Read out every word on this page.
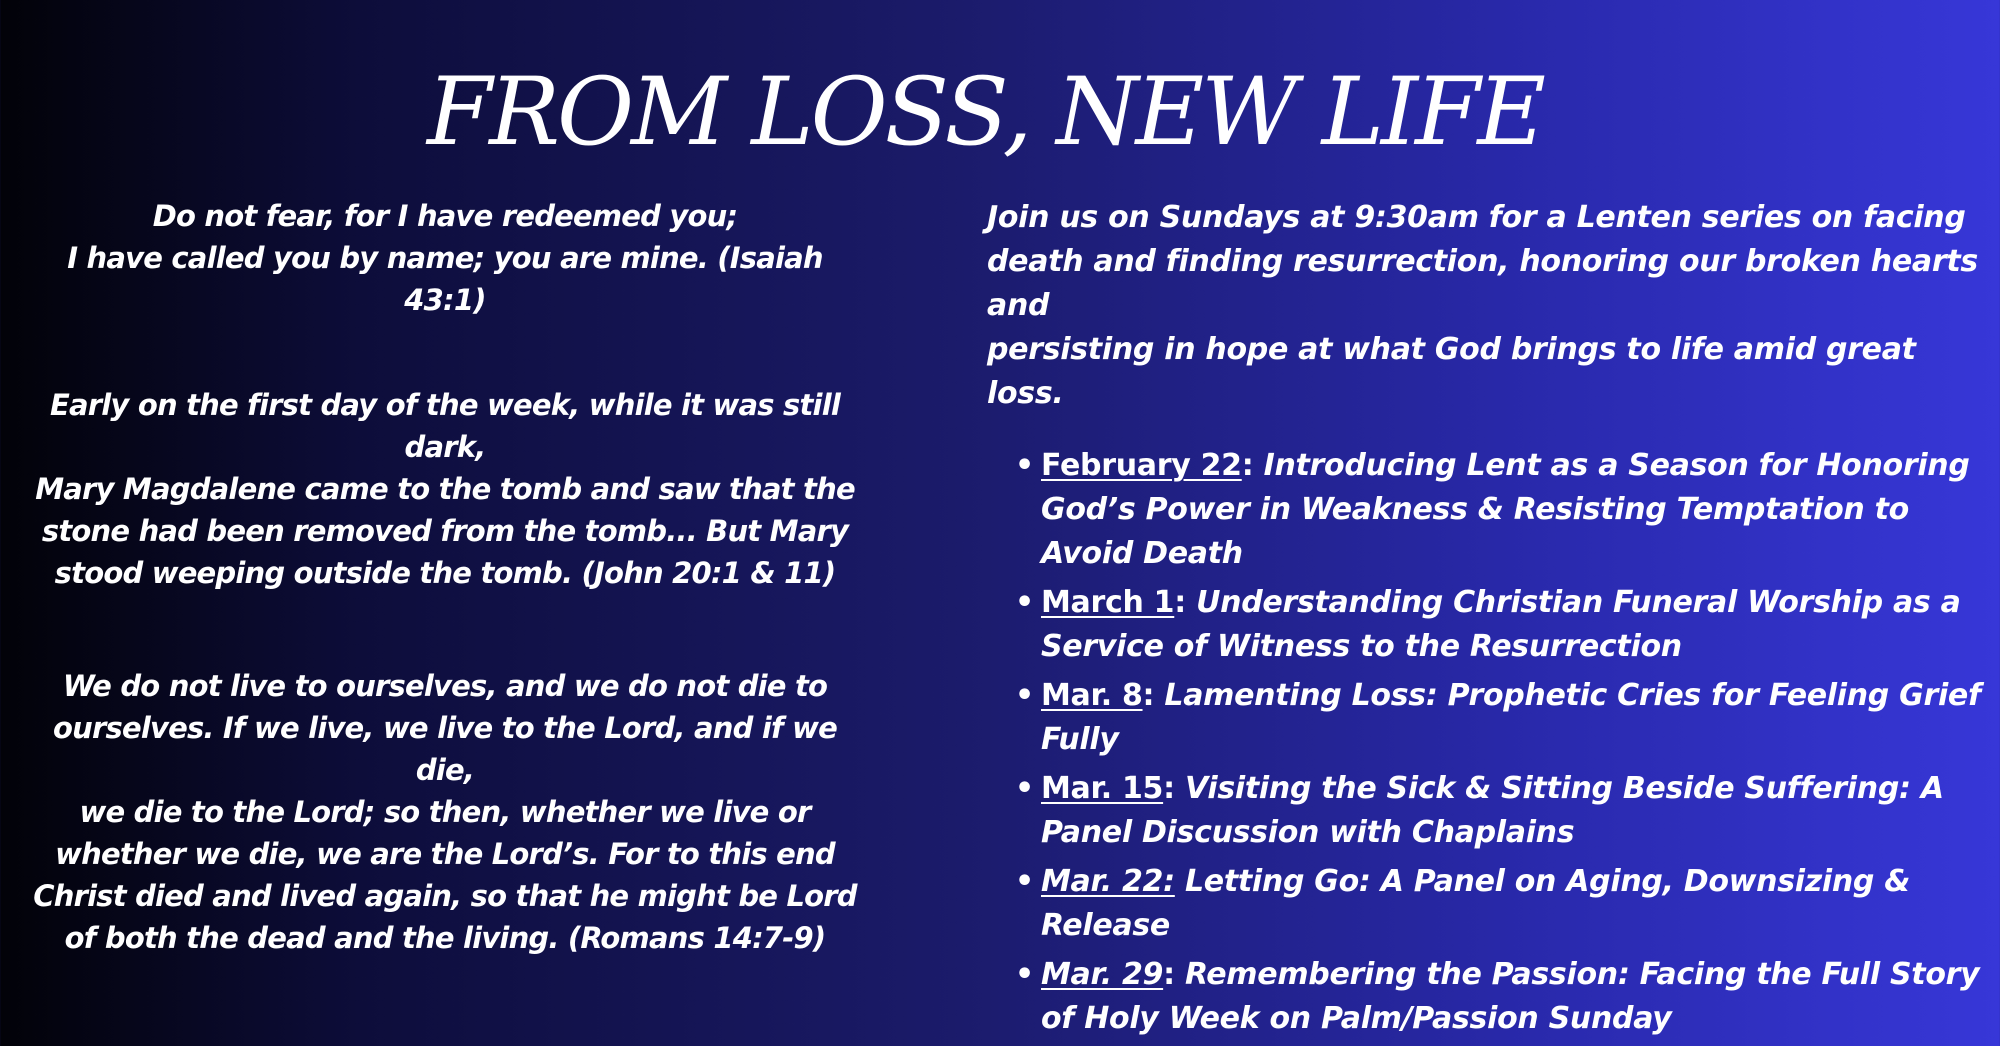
FROM LOSS, NEW LIFE

Do not fear, for I have redeemed you;

I have called you by name; you are mine. (Isaiah 43:1)

Early on the first day of the week, while it was still dark,

Mary Magdalene came to the tomb and saw that the

stone had been removed from the tomb... But Mary

stood weeping outside the tomb. (John 20:1 & 11)

We do not live to ourselves, and we do not die to

ourselves. If we live, we live to the Lord, and if we die,

we die to the Lord; so then, whether we live or

whether we die, we are the Lord’s. For to this end

Christ died and lived again, so that he might be Lord

of both the dead and the living. (Romans 14:7-9)

Join us on Sundays at 9:30am for a Lenten series on facing
death and finding resurrection, honoring our broken hearts and
persisting in hope at what God brings to life amid great loss.
• February 22: Introducing Lent as a Season for Honoring God’s Power in Weakness & Resisting Temptation to Avoid Death
• March 1: Understanding Christian Funeral Worship as a Service of Witness to the Resurrection
• Mar. 8: Lamenting Loss: Prophetic Cries for Feeling Grief Fully
• Mar. 15: Visiting the Sick & Sitting Beside Suffering: A Panel Discussion with Chaplains
• Mar. 22: Letting Go: A Panel on Aging, Downsizing & Release
• Mar. 29: Remembering the Passion: Facing the Full Story of Holy Week on Palm/Passion Sunday
